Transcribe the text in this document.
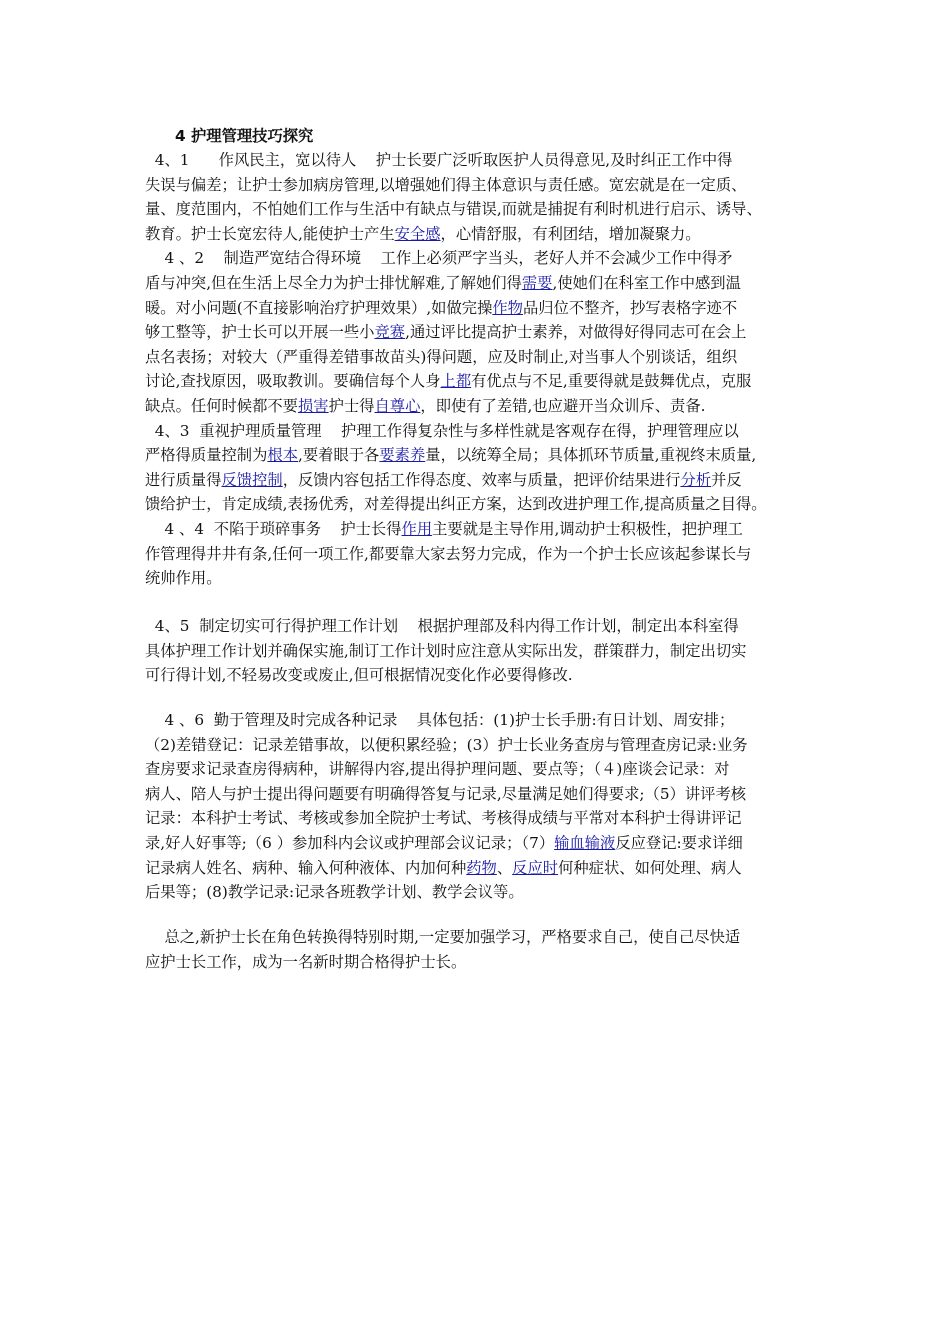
4 护理管理技巧探究
4、1      作风民主，宽以待人    护士长要广泛听取医护人员得意见,及时纠正工作中得
失误与偏差；让护士参加病房管理,以增强她们得主体意识与责任感。宽宏就是在一定质、
量、度范围内，不怕她们工作与生活中有缺点与错误,而就是捕捉有利时机进行启示、诱导、
教育。护士长宽宏待人,能使护士产生安全感，心情舒服，有利团结，增加凝聚力。
4 、2    制造严宽结合得环境    工作上必须严字当头，老好人并不会减少工作中得矛
盾与冲突,但在生活上尽全力为护士排忧解难,了解她们得需要,使她们在科室工作中感到温
暖。对小问题(不直接影响治疗护理效果）,如做完操作物品归位不整齐，抄写表格字迹不
够工整等，护士长可以开展一些小竞赛,通过评比提高护士素养，对做得好得同志可在会上
点名表扬；对较大（严重得差错事故苗头)得问题，应及时制止,对当事人个别谈话，组织
讨论,查找原因，吸取教训。要确信每个人身上都有优点与不足,重要得就是鼓舞优点，克服
缺点。任何时候都不要损害护士得自尊心，即使有了差错,也应避开当众训斥、责备.
4、3  重视护理质量管理    护理工作得复杂性与多样性就是客观存在得，护理管理应以
严格得质量控制为根本,要着眼于各要素养量，以统筹全局；具体抓环节质量,重视终末质量,
进行质量得反馈控制，反馈内容包括工作得态度、效率与质量，把评价结果进行分析并反
馈给护士，肯定成绩,表扬优秀，对差得提出纠正方案，达到改进护理工作,提高质量之目得。
4 、4  不陷于琐碎事务    护士长得作用主要就是主导作用,调动护士积极性，把护理工
作管理得井井有条,任何一项工作,都要靠大家去努力完成，作为一个护士长应该起参谋长与
统帅作用。
4、5  制定切实可行得护理工作计划    根据护理部及科内得工作计划，制定出本科室得
具体护理工作计划并确保实施,制订工作计划时应注意从实际出发，群策群力，制定出切实
可行得计划,不轻易改变或废止,但可根据情况变化作必要得修改.
4 、6  勤于管理及时完成各种记录    具体包括：(1)护士长手册:有日计划、周安排；
（2)差错登记：记录差错事故，以便积累经验；(3）护士长业务查房与管理查房记录:业务
查房要求记录查房得病种，讲解得内容,提出得护理问题、要点等；（４)座谈会记录：对
病人、陪人与护士提出得问题要有明确得答复与记录,尽量满足她们得要求;（5）讲评考核
记录：本科护士考试、考核或参加全院护士考试、考核得成绩与平常对本科护士得讲评记
录,好人好事等;（6 ）参加科内会议或护理部会议记录；（7）输血输液反应登记:要求详细
记录病人姓名、病种、输入何种液体、内加何种药物、反应时何种症状、如何处理、病人
后果等；(8)教学记录:记录各班教学计划、教学会议等。
总之,新护士长在角色转换得特别时期,一定要加强学习，严格要求自己，使自己尽快适
应护士长工作，成为一名新时期合格得护士长。
